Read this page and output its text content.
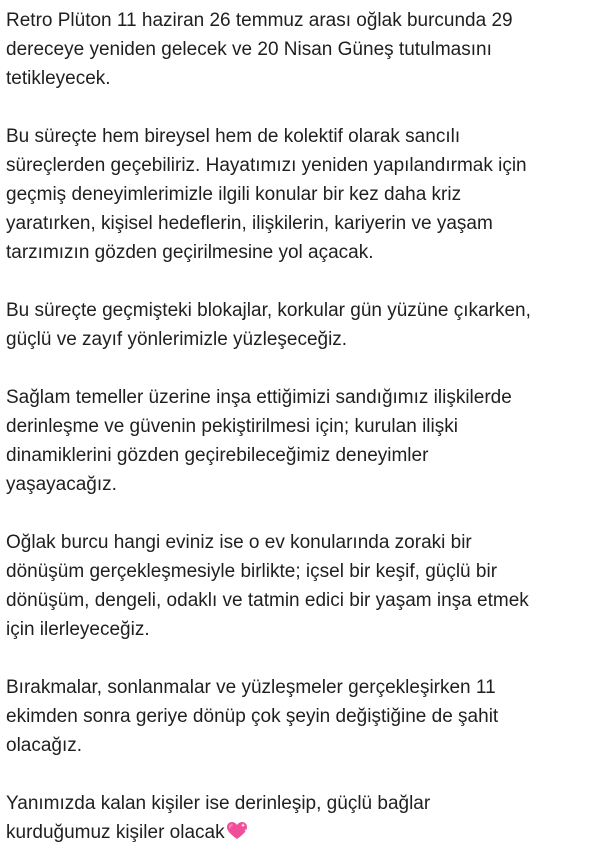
Retro Plüton 11 haziran 26 temmuz arası oğlak burcunda 29
dereceye yeniden gelecek ve 20 Nisan Güneş tutulmasını
tetikleyecek.

Bu süreçte hem bireysel hem de kolektif olarak sancılı
süreçlerden geçebiliriz. Hayatımızı yeniden yapılandırmak için
geçmiş deneyimlerimizle ilgili konular bir kez daha kriz
yaratırken, kişisel hedeflerin, ilişkilerin, kariyerin ve yaşam
tarzımızın gözden geçirilmesine yol açacak.

Bu süreçte geçmişteki blokajlar, korkular gün yüzüne çıkarken,
güçlü ve zayıf yönlerimizle yüzleşeceğiz.

Sağlam temeller üzerine inşa ettiğimizi sandığımız ilişkilerde
derinleşme ve güvenin pekiştirilmesi için; kurulan ilişki
dinamiklerini gözden geçirebileceğimiz deneyimler
yaşayacağız.

Oğlak burcu hangi eviniz ise o ev konularında zoraki bir
dönüşüm gerçekleşmesiyle birlikte; içsel bir keşif, güçlü bir
dönüşüm, dengeli, odaklı ve tatmin edici bir yaşam inşa etmek
için ilerleyeceğiz.

Bırakmalar, sonlanmalar ve yüzleşmeler gerçekleşirken 11
ekimden sonra geriye dönüp çok şeyin değiştiğine de şahit
olacağız.

Yanımızda kalan kişiler ise derinleşip, güçlü bağlar
kurduğumuz kişiler olacak
